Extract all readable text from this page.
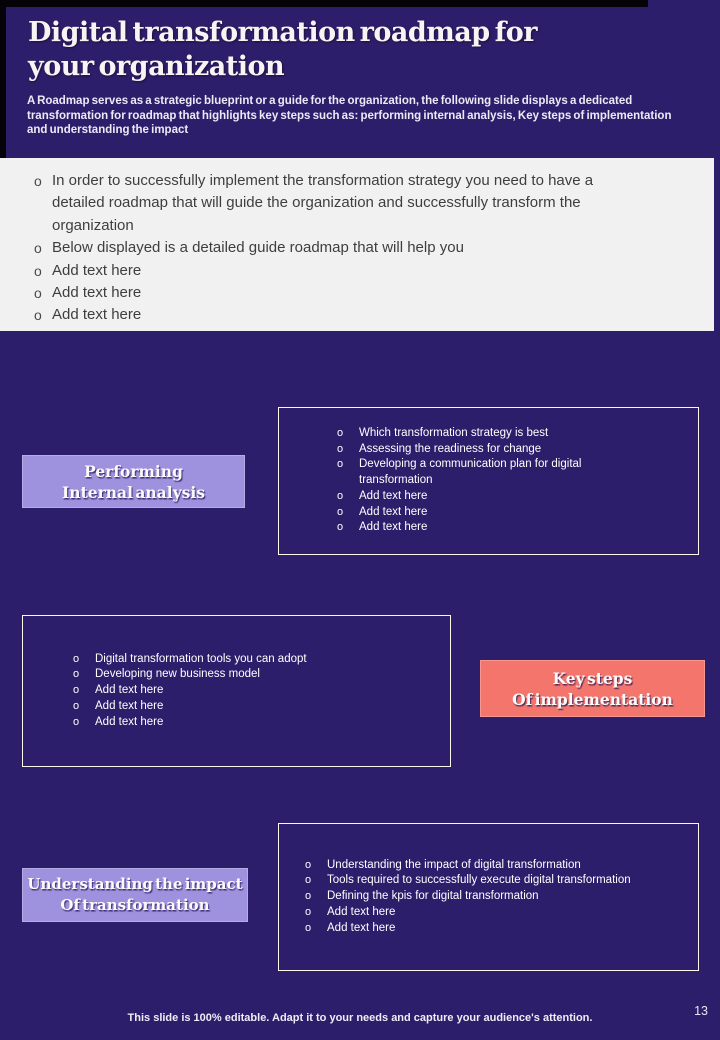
Digital transformation roadmap for
your organization

A Roadmap serves as a strategic blueprint or a guide for the organization, the following slide displays a dedicated transformation for roadmap that highlights key steps such as: performing internal analysis, Key steps of implementation and understanding the impact

o In order to successfully implement the transformation strategy you need to have a detailed roadmap that will guide the organization and successfully transform the organization
o Below displayed is a detailed guide roadmap that will help you
o Add text here
o Add text here
o Add text here
Performing
Internal analysis
o Which transformation strategy is best
o Assessing the readiness for change
o Developing a communication plan for digital transformation
o Add text here
o Add text here
o Add text here
o Digital transformation tools you can adopt
o Developing new business model
o Add text here
o Add text here
o Add text here
Key steps
Of implementation
Understanding the impact
Of transformation
o Understanding the impact of digital transformation
o Tools required to successfully execute digital transformation
o Defining the kpis for digital transformation
o Add text here
o Add text here
This slide is 100% editable. Adapt it to your needs and capture your audience's attention.	13
